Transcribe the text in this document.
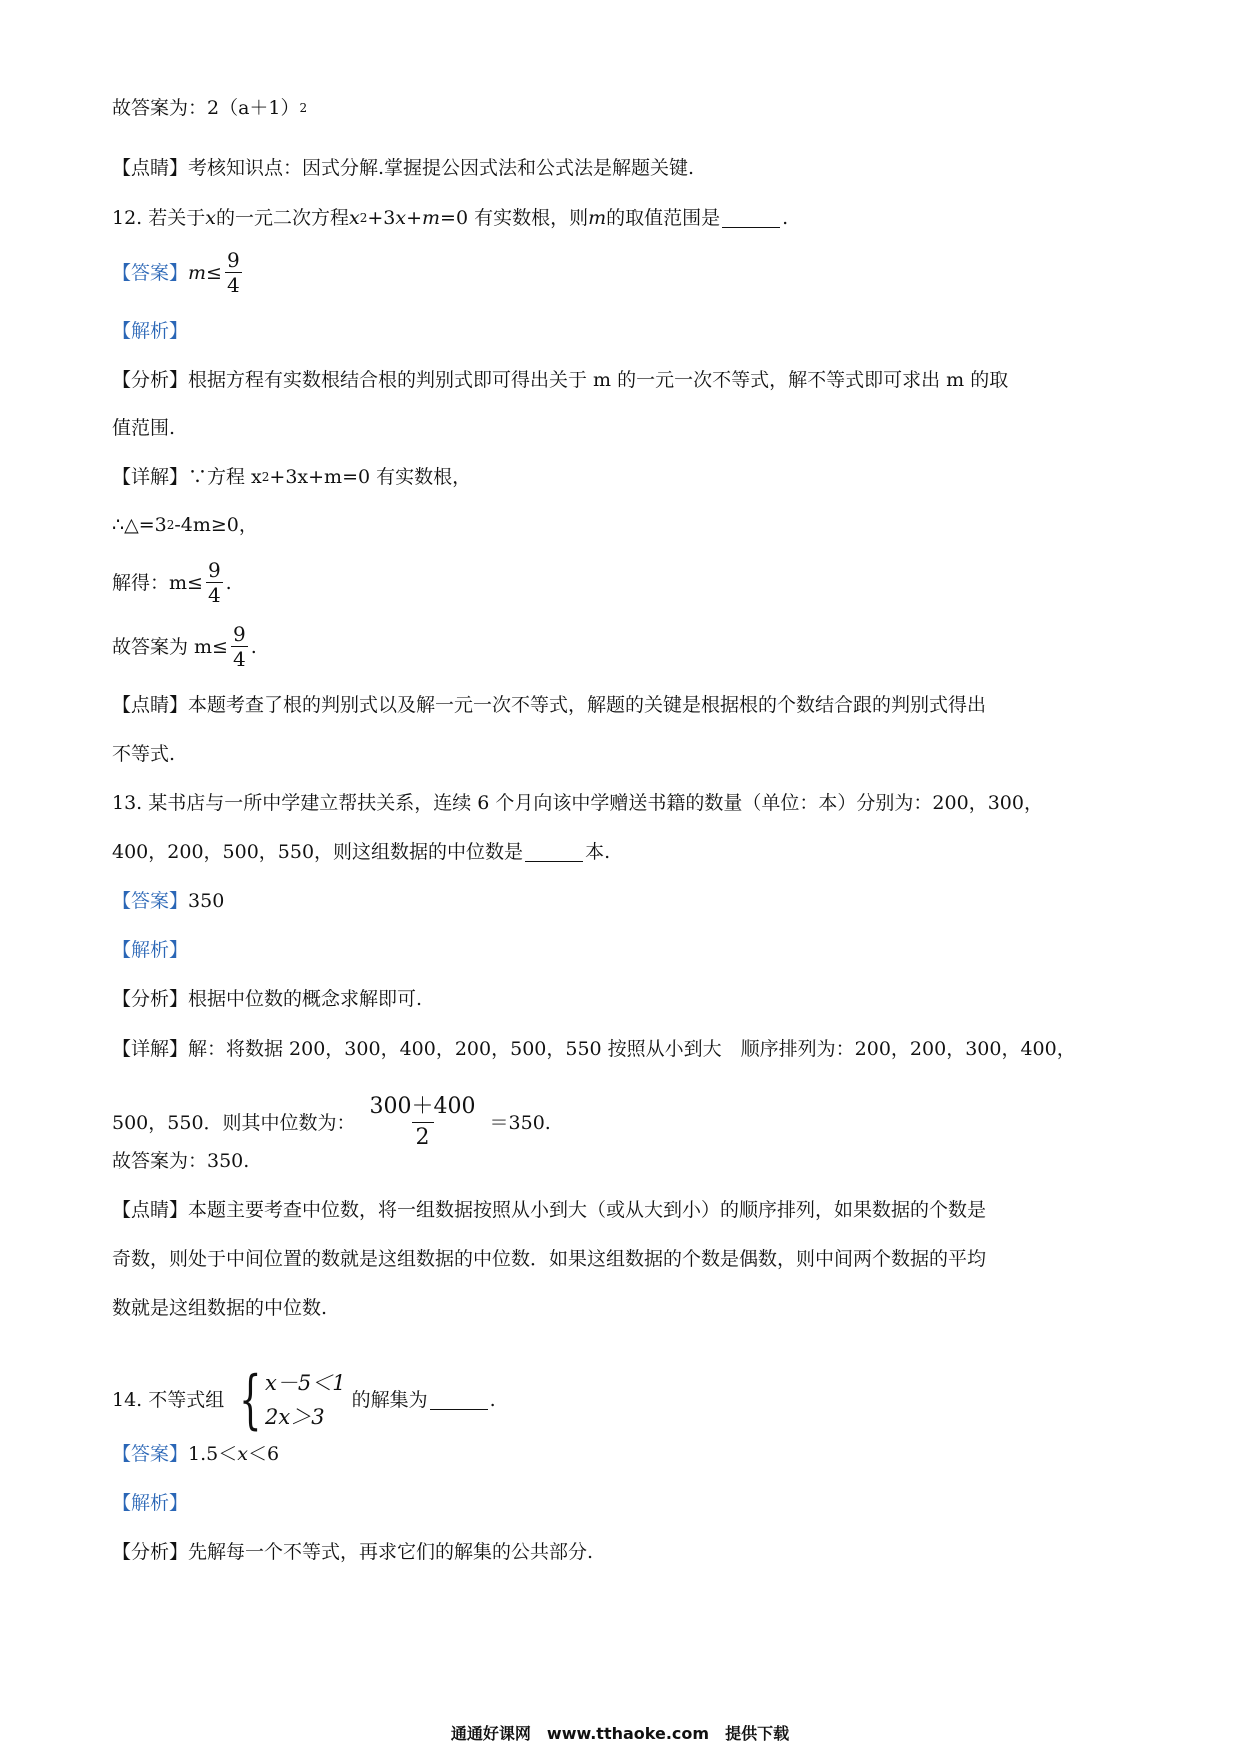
故答案为：2（a＋1） 2
【点睛】考核知识点：因式分解.掌握提公因式法和公式法是解题关键.
12. 若关于 x 的一元二次方程 x 2 +3 x + m =0 有实数根，则 m 的取值范围是	.
【答案】 $m \le \frac{9}{4}$
【解析】
【分析】根据方程有实数根结合根的判别式即可得出关于 m 的一元一次不等式，解不等式即可求出 m 的取
值范围.
【详解】∵方程 x 2 +3x+m=0 有实数根，
∴△=3 2 -4m≥0，
解得：$m\le \frac{9}{4}$ .
故答案为 $m\le \frac{9}{4}$ .
【点睛】本题考查了根的判别式以及解一元一次不等式，解题的关键是根据根的个数结合跟的判别式得出
不等式.
13. 某书店与一所中学建立帮扶关系，连续 6 个月向该中学赠送书籍的数量（单位：本）分别为：200，300，
400，200，500，550，则这组数据的中位数是	本.
【答案】 350
【解析】
【分析】根据中位数的概念求解即可.
【详解】解：将数据 200，300，400，200，500，550 按照从小到大　顺序排列为：200，200，300，400，
500，550．则其中位数为： $\frac{300+400}{2} =350$.
故答案为：350.
【点睛】本题主要考查中位数，将一组数据按照从小到大（或从大到小）的顺序排列，如果数据的个数是
奇数，则处于中间位置的数就是这组数据的中位数．如果这组数据的个数是偶数，则中间两个数据的平均
数就是这组数据的中位数.
14. 不等式组 { x－5＜1
2x＞3
的解集为	.
【答案】 1.5＜ x ＜6
【解析】
【分析】先解每一个不等式，再求它们的解集的公共部分.
通通好课网　www.tthaoke.com　提供下载
